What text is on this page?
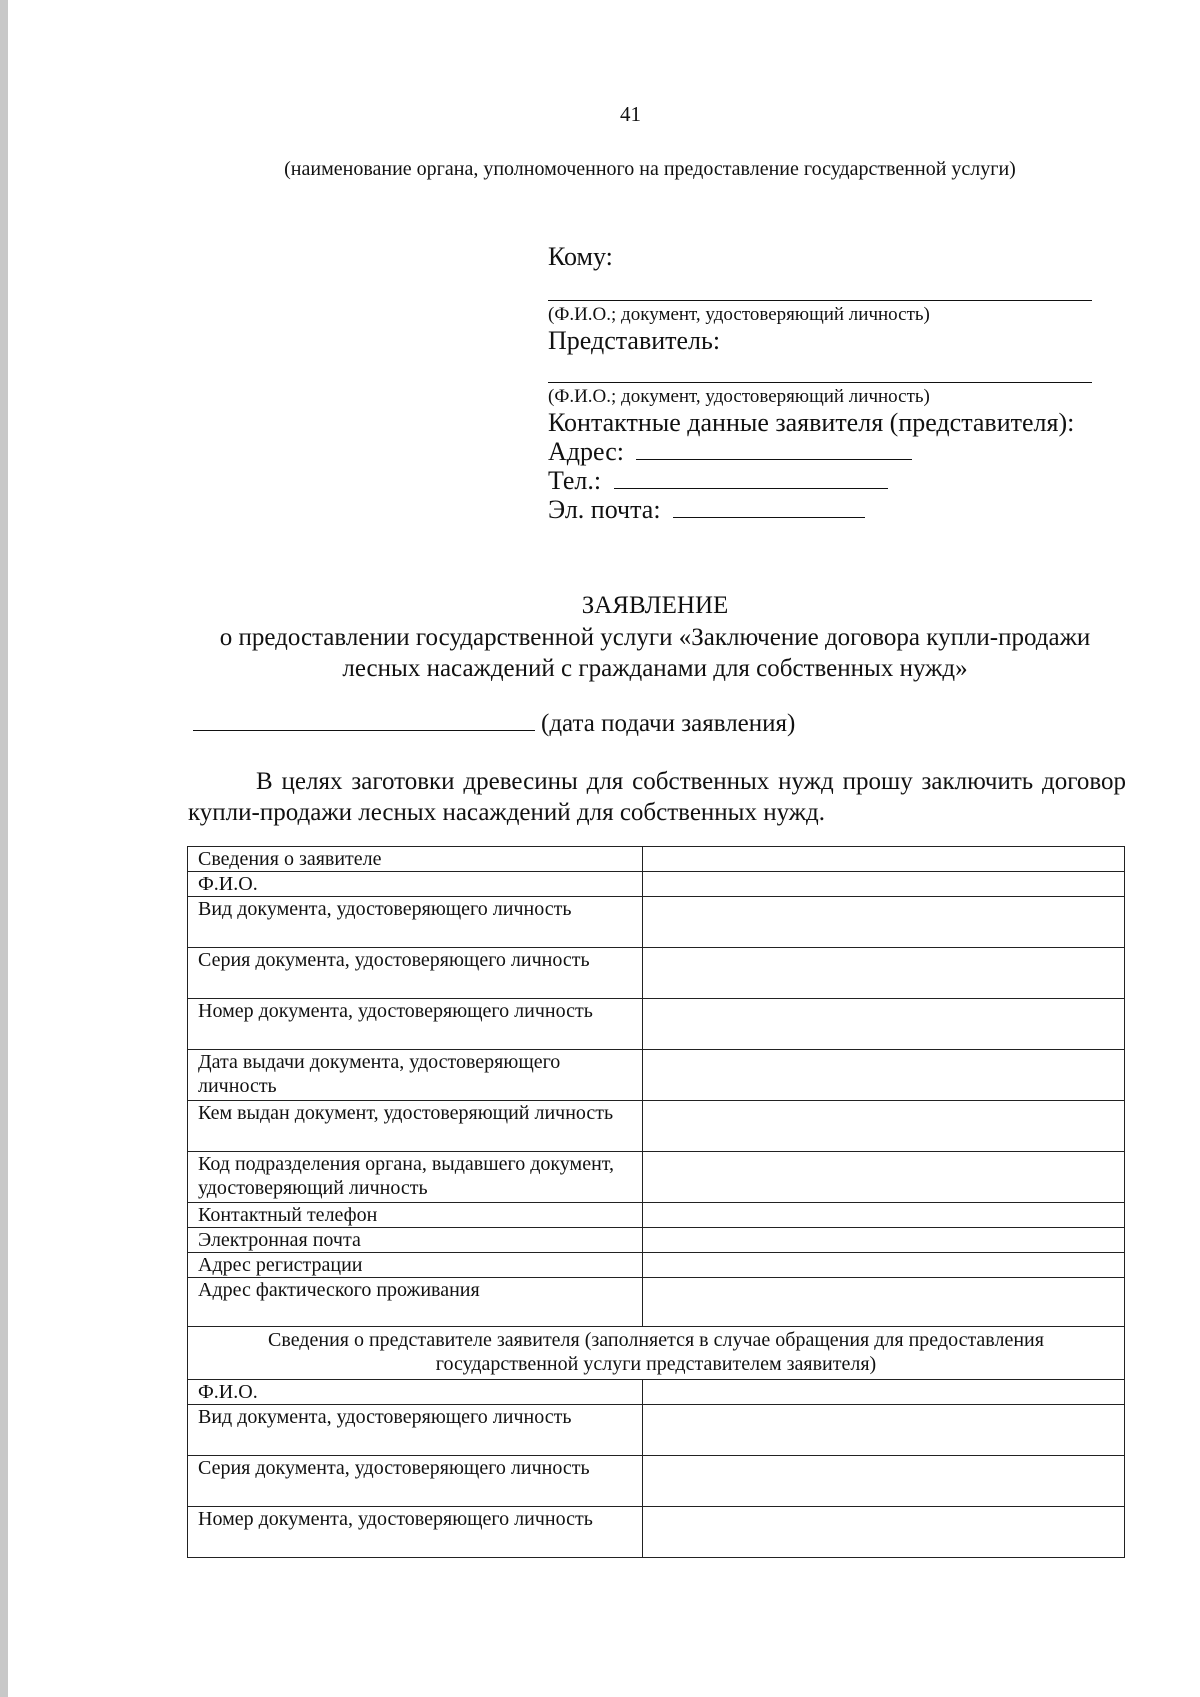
41
(наименование органа, уполномоченного на предоставление государственной услуги)
Кому:
(Ф.И.О.; документ, удостоверяющий личность)
Представитель:
(Ф.И.О.; документ, удостоверяющий личность)
Контактные данные заявителя (представителя):
Адрес:
Тел.:
Эл. почта:
ЗАЯВЛЕНИЕ
о предоставлении государственной услуги «Заключение договора купли-продажи лесных насаждений с гражданами для собственных нужд»
(дата подачи заявления)
В целях заготовки древесины для собственных нужд прошу заключить договор купли-продажи лесных насаждений для собственных нужд.
Сведения о заявителе	
Ф.И.О.	
Вид документа, удостоверяющего личность	
Серия документа, удостоверяющего личность	
Номер документа, удостоверяющего личность	
Дата выдачи документа, удостоверяющего личность	
Кем выдан документ, удостоверяющий личность	
Код подразделения органа, выдавшего документ, удостоверяющий личность	
Контактный телефон	
Электронная почта	
Адрес регистрации	
Адрес фактического проживания	
Сведения о представителе заявителя (заполняется в случае обращения для предоставления государственной услуги представителем заявителя)	
Ф.И.О.	
Вид документа, удостоверяющего личность	
Серия документа, удостоверяющего личность	
Номер документа, удостоверяющего личность	
